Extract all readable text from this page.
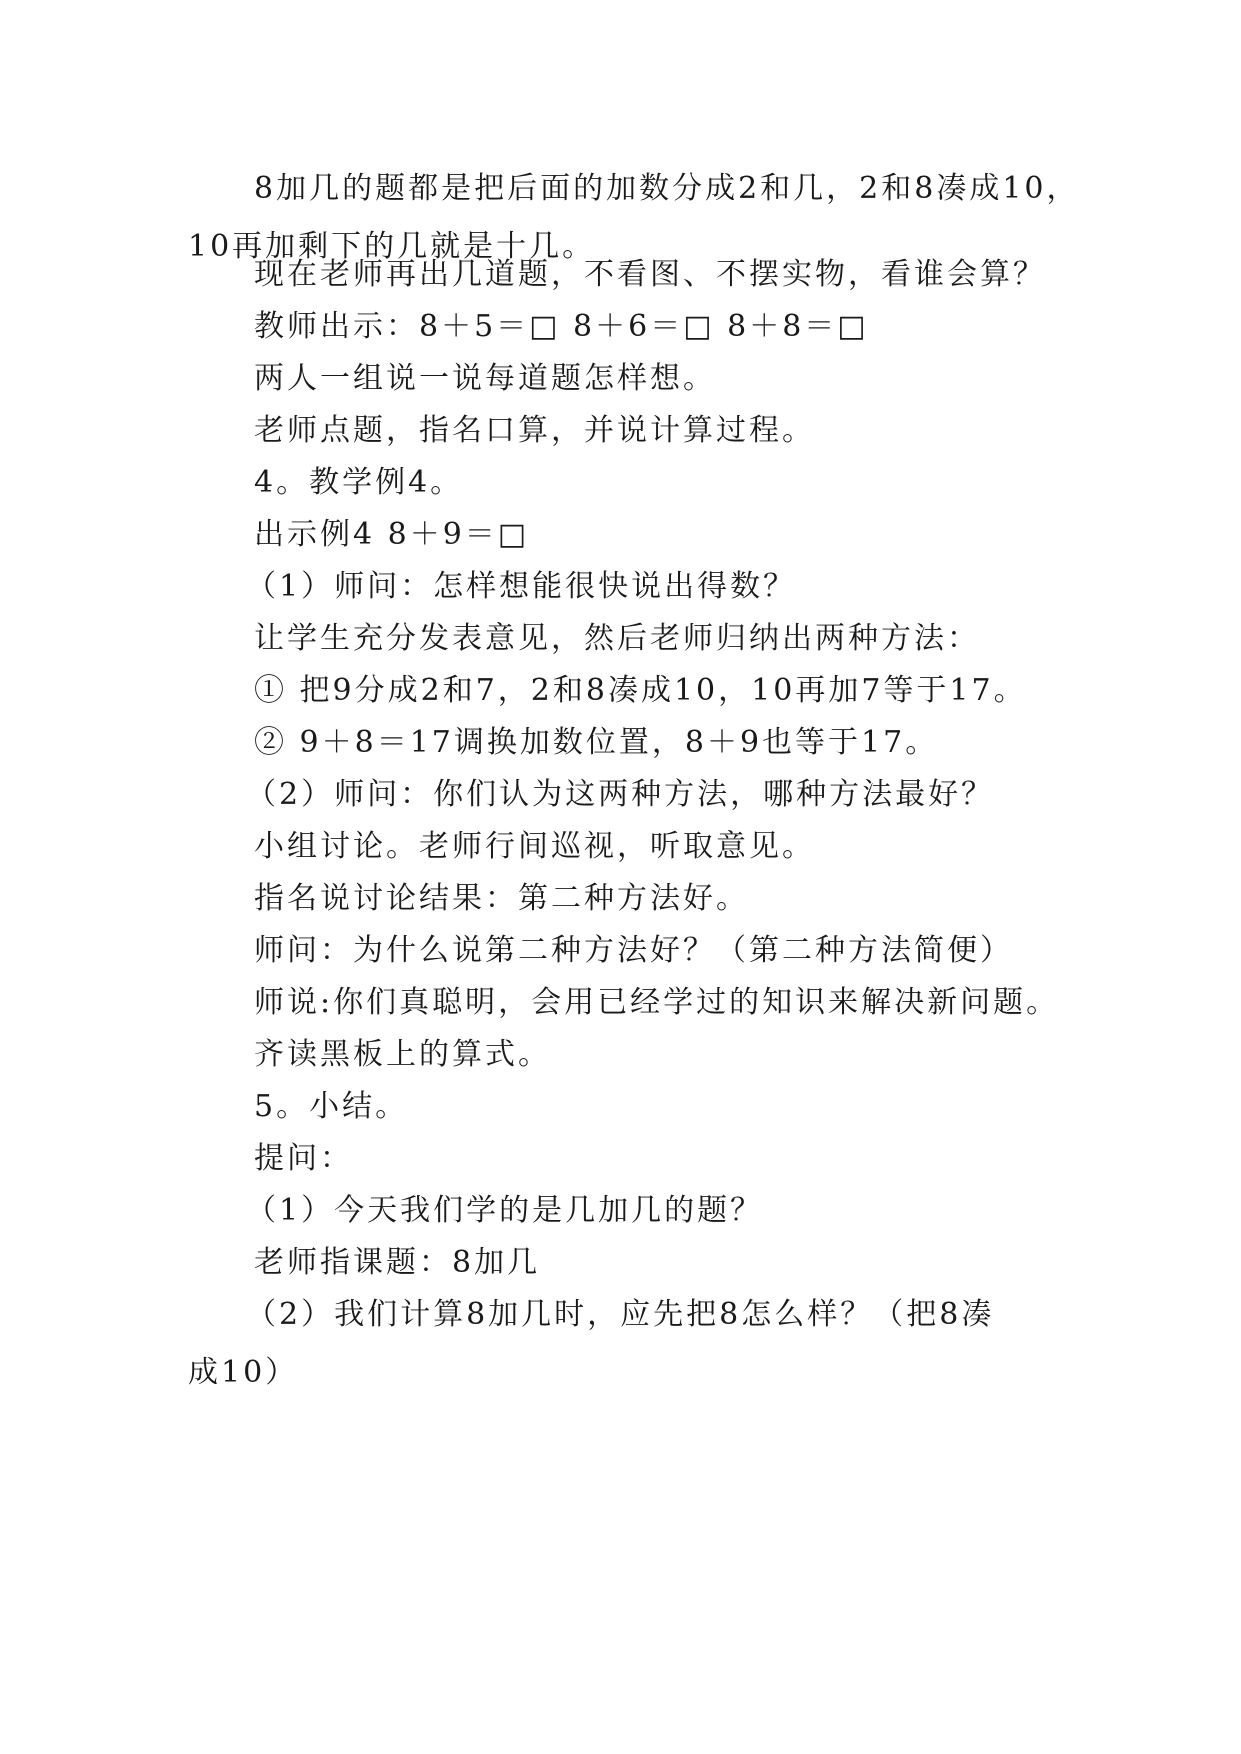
8加几的题都是把后面的加数分成2和几，2和8凑成10，
10再加剩下的几就是十几。

现在老师再出几道题，不看图、不摆实物，看谁会算？

教师出示：8＋5＝□ 8＋6＝□ 8＋8＝□

两人一组说一说每道题怎样想。

老师点题，指名口算，并说计算过程。

4。教学例4。

出示例4 8＋9＝□

（1）师问：怎样想能很快说出得数？

让学生充分发表意见，然后老师归纳出两种方法：

① 把9分成2和7，2和8凑成10，10再加7等于17。

② 9＋8＝17调换加数位置，8＋9也等于17。

（2）师问：你们认为这两种方法，哪种方法最好？

小组讨论。老师行间巡视，听取意见。

指名说讨论结果：第二种方法好。

师问：为什么说第二种方法好？（第二种方法简便）

师说:你们真聪明，会用已经学过的知识来解决新问题。

齐读黑板上的算式。

5。小结。

提问：

（1）今天我们学的是几加几的题？

老师指课题：8加几

（2）我们计算8加几时，应先把8怎么样？（把8凑
成10）
